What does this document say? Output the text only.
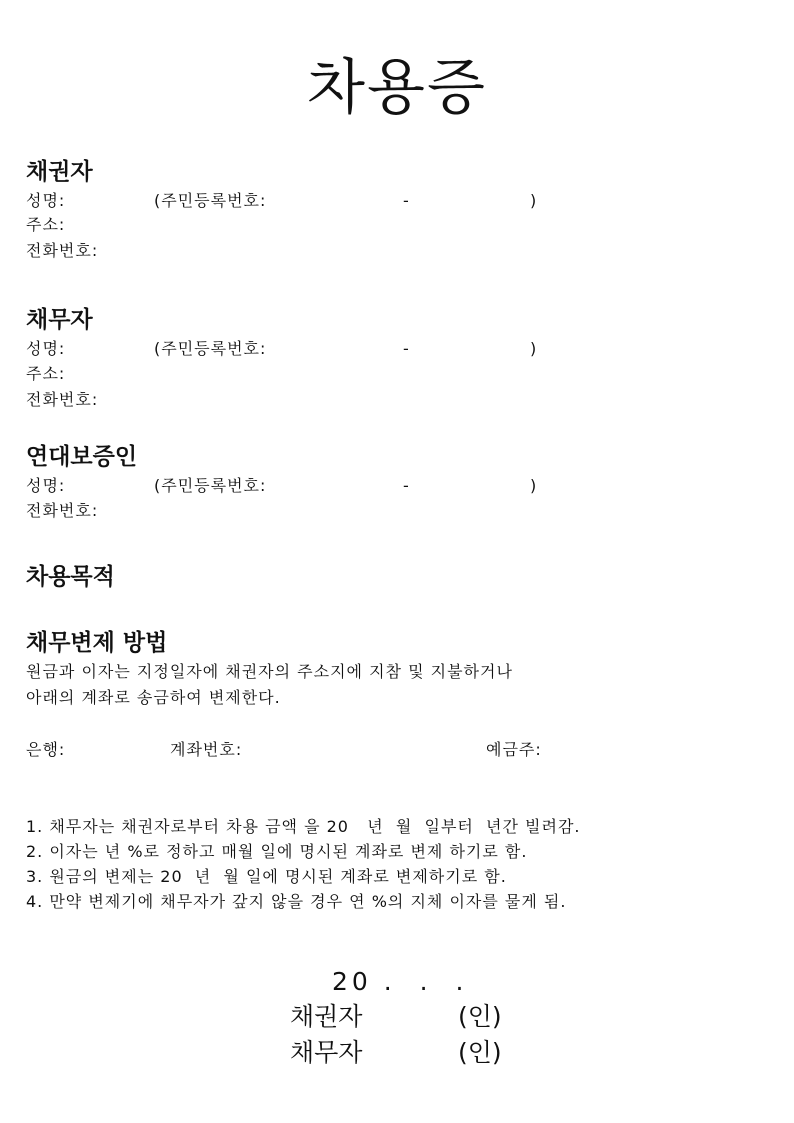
차용증
채권자
성명:	(주민등록번호:	-	)
주소:
전화번호:
채무자
성명:	(주민등록번호:	-	)
주소:
전화번호:
연대보증인
성명:	(주민등록번호:	-	)
전화번호:
차용목적
채무변제 방법
원금과 이자는 지정일자에 채권자의 주소지에 지참 및 지불하거나
아래의 계좌로 송금하여 변제한다.
은행:	계좌번호:	예금주:
1. 채무자는 채권자로부터 차용 금액 을 20   년  월  일부터  년간 빌려감.
2. 이자는 년 %로 정하고 매월 일에 명시된 계좌로 변제 하기로 함.
3. 원금의 변제는 20  년  월 일에 명시된 계좌로 변제하기로 함.
4. 만약 변제기에 채무자가 갚지 않을 경우 연 %의 지체 이자를 물게 됨.
20 .  .  .
채권자	(인)
채무자	(인)
